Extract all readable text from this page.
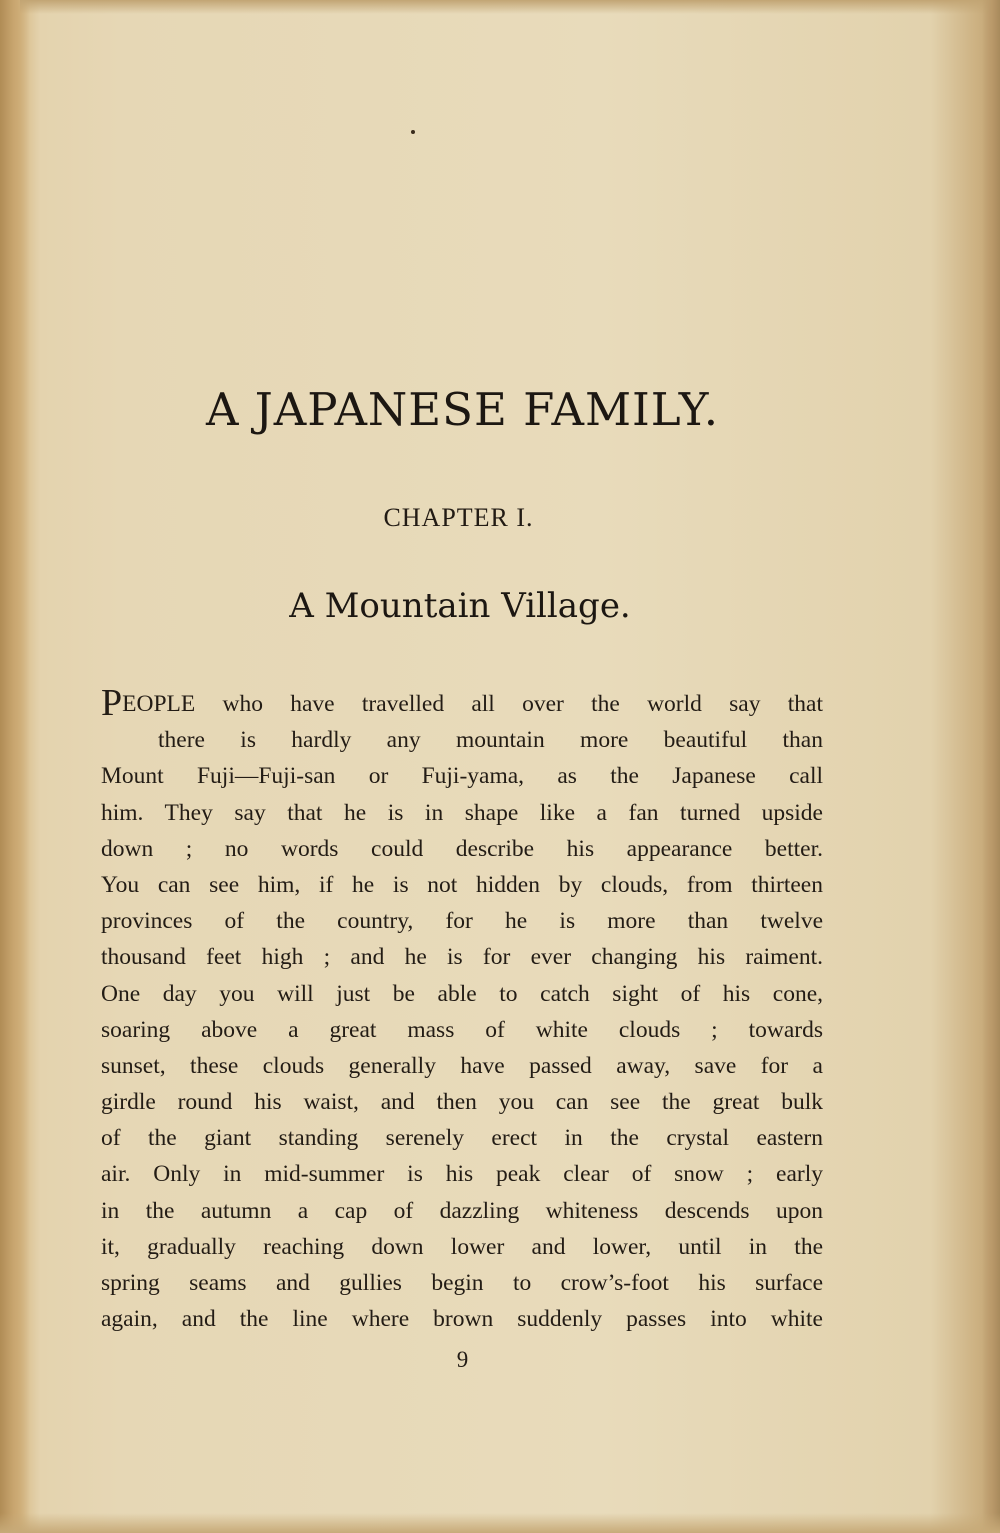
A JAPANESE FAMILY.
CHAPTER I.
A Mountain Village.
PEOPLE who have travelled all over the world say that
there is hardly any mountain more beautiful than
Mount Fuji—Fuji-san or Fuji-yama, as the Japanese call
him. They say that he is in shape like a fan turned upside
down ; no words could describe his appearance better.
You can see him, if he is not hidden by clouds, from thirteen
provinces of the country, for he is more than twelve
thousand feet high ; and he is for ever changing his raiment.
One day you will just be able to catch sight of his cone,
soaring above a great mass of white clouds ; towards
sunset, these clouds generally have passed away, save for a
girdle round his waist, and then you can see the great bulk
of the giant standing serenely erect in the crystal eastern
air. Only in mid-summer is his peak clear of snow ; early
in the autumn a cap of dazzling whiteness descends upon
it, gradually reaching down lower and lower, until in the
spring seams and gullies begin to crow’s-foot his surface
again, and the line where brown suddenly passes into white
9
